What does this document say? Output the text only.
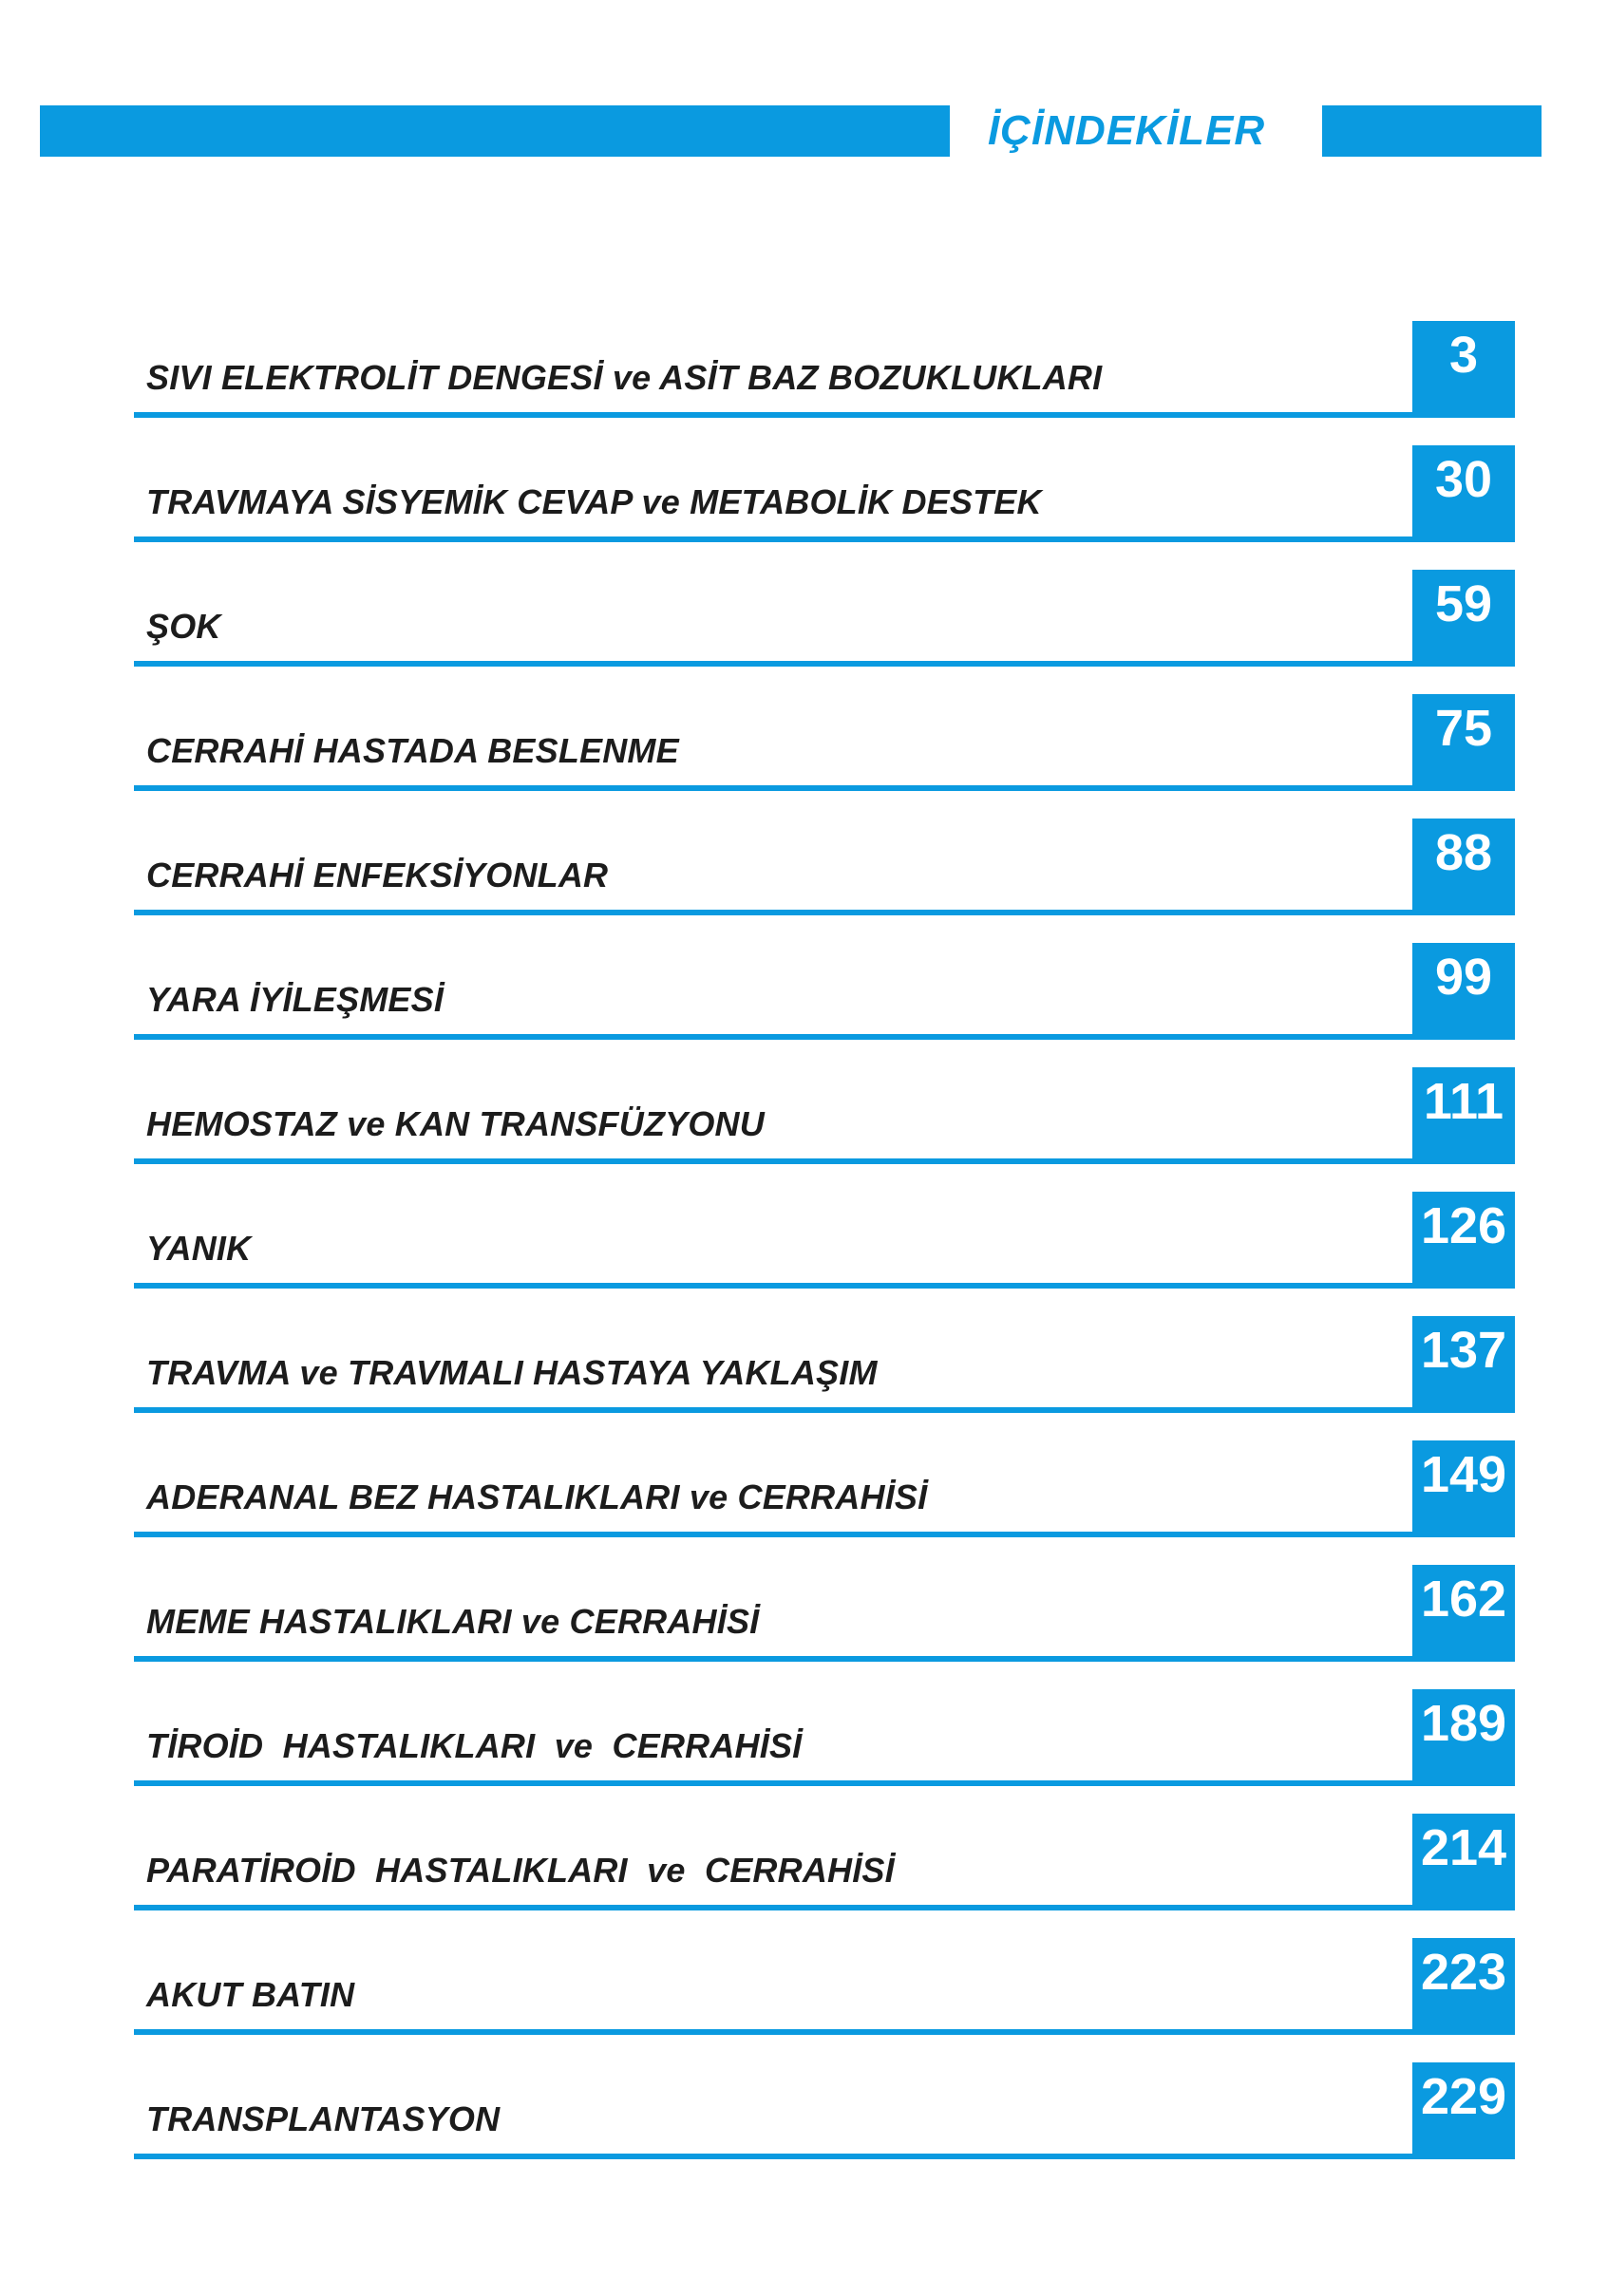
İÇİNDEKİLER
SIVI ELEKTROLİT DENGESİ ve ASİT BAZ BOZUKLUKLARI	3
TRAVMAYA SİSYEMİK CEVAP ve METABOLİK DESTEK	30
ŞOK	59
CERRAHİ HASTADA BESLENME	75
CERRAHİ ENFEKSİYONLAR	88
YARA İYİLEŞMESİ	99
HEMOSTAZ ve KAN TRANSFÜZYONU	111
YANIK	126
TRAVMA ve TRAVMALI HASTAYA YAKLAŞIM	137
ADERANAL BEZ HASTALIKLARI ve CERRAHİSİ	149
MEME HASTALIKLARI ve CERRAHİSİ	162
TİROİD  HASTALIKLARI  ve  CERRAHİSİ	189
PARATİROİD  HASTALIKLARI  ve  CERRAHİSİ	214
AKUT BATIN	223
TRANSPLANTASYON	229
